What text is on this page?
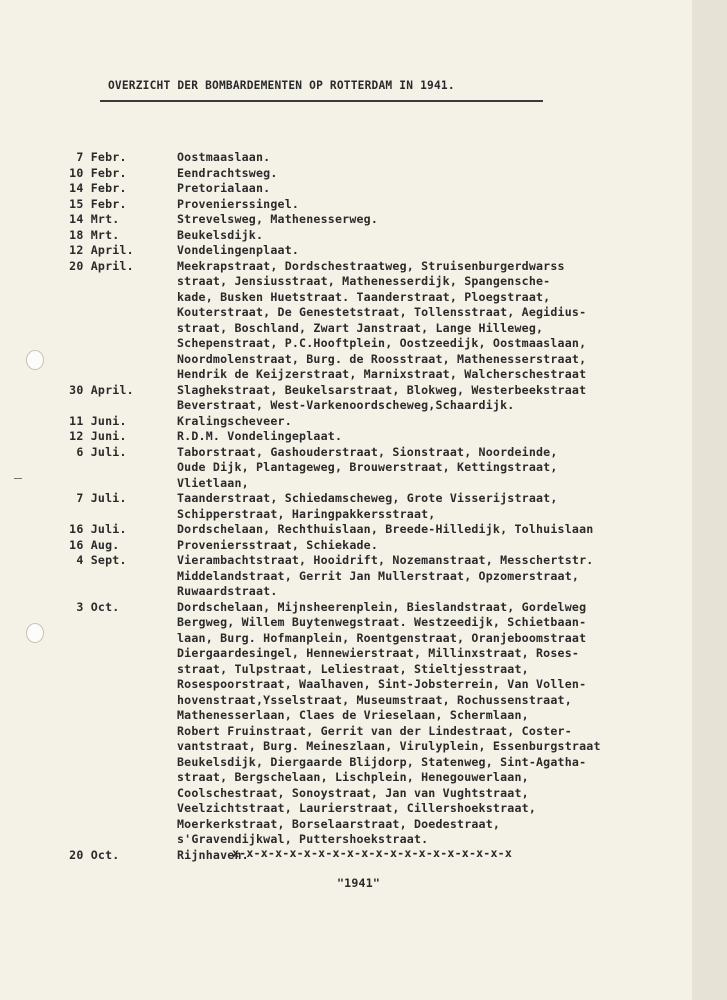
OVERZICHT DER BOMBARDEMENTEN OP ROTTERDAM IN 1941.
7 Febr.	Oostmaaslaan.
10 Febr.	Eendrachtsweg.
14 Febr.	Pretorialaan.
15 Febr.	Provenierssingel.
14 Mrt.	Strevelsweg, Mathenesserweg.
18 Mrt.	Beukelsdijk.
12 April.	Vondelingenplaat.
20 April.	Meekrapstraat, Dordschestraatweg, Struisenburgerdwarss
straat, Jensiusstraat, Mathenesserdijk, Spangensche-
kade, Busken Huetstraat. Taanderstraat, Ploegstraat,
Kouterstraat, De Genestetstraat, Tollensstraat, Aegidius-
straat, Boschland, Zwart Janstraat, Lange Hilleweg,
Schepenstraat, P.C.Hooftplein, Oostzeedijk, Oostmaaslaan,
Noordmolenstraat, Burg. de Roosstraat, Mathenesserstraat,
Hendrik de Keijzerstraat, Marnixstraat, Walcherschestraat
30 April.	Slaghekstraat, Beukelsarstraat, Blokweg, Westerbeekstraat
Beverstraat, West-Varkenoordscheweg,Schaardijk.
11 Juni.	Kralingscheveer.
12 Juni.	R.D.M. Vondelingeplaat.
6 Juli.	Taborstraat, Gashouderstraat, Sionstraat, Noordeinde,
Oude Dijk, Plantageweg, Brouwerstraat, Kettingstraat,
Vlietlaan,
7 Juli.	Taanderstraat, Schiedamscheweg, Grote Visserijstraat,
Schipperstraat, Haringpakkersstraat,
16 Juli.	Dordschelaan, Rechthuislaan, Breede-Hilledijk, Tolhuislaan
16 Aug.	Proveniersstraat, Schiekade.
4 Sept.	Vierambachtstraat, Hooidrift, Nozemanstraat, Messchertstr.
Middelandstraat, Gerrit Jan Mullerstraat, Opzomerstraat,
Ruwaardstraat.
3 Oct.	Dordschelaan, Mijnsheerenplein, Bieslandstraat, Gordelweg
Bergweg, Willem Buytenwegstraat. Westzeedijk, Schietbaan-
laan, Burg. Hofmanplein, Roentgenstraat, Oranjeboomstraat
Diergaardesingel, Hennewierstraat, Millinxstraat, Roses-
straat, Tulpstraat, Leliestraat, Stieltjesstraat,
Rosespoorstraat, Waalhaven, Sint-Jobsterrein, Van Vollen-
hovenstraat,Ysselstraat, Museumstraat, Rochussenstraat,
Mathenesserlaan, Claes de Vrieselaan, Schermlaan,
Robert Fruinstraat, Gerrit van der Lindestraat, Coster-
vantstraat, Burg. Meineszlaan, Virulyplein, Essenburgstraat
Beukelsdijk, Diergaarde Blijdorp, Statenweg, Sint-Agatha-
straat, Bergschelaan, Lischplein, Henegouwerlaan,
Coolschestraat, Sonoystraat, Jan van Vughtstraat,
Veelzichtstraat, Laurierstraat, Cillershoekstraat,
Moerkerkstraat, Borselaarstraat, Doedestraat,
s'Gravendijkwal, Puttershoekstraat.
20 Oct.	Rijnhaven.
x-x-x-x-x-x-x-x-x-x-x-x-x-x-x-x-x-x-x-x
"1941"
